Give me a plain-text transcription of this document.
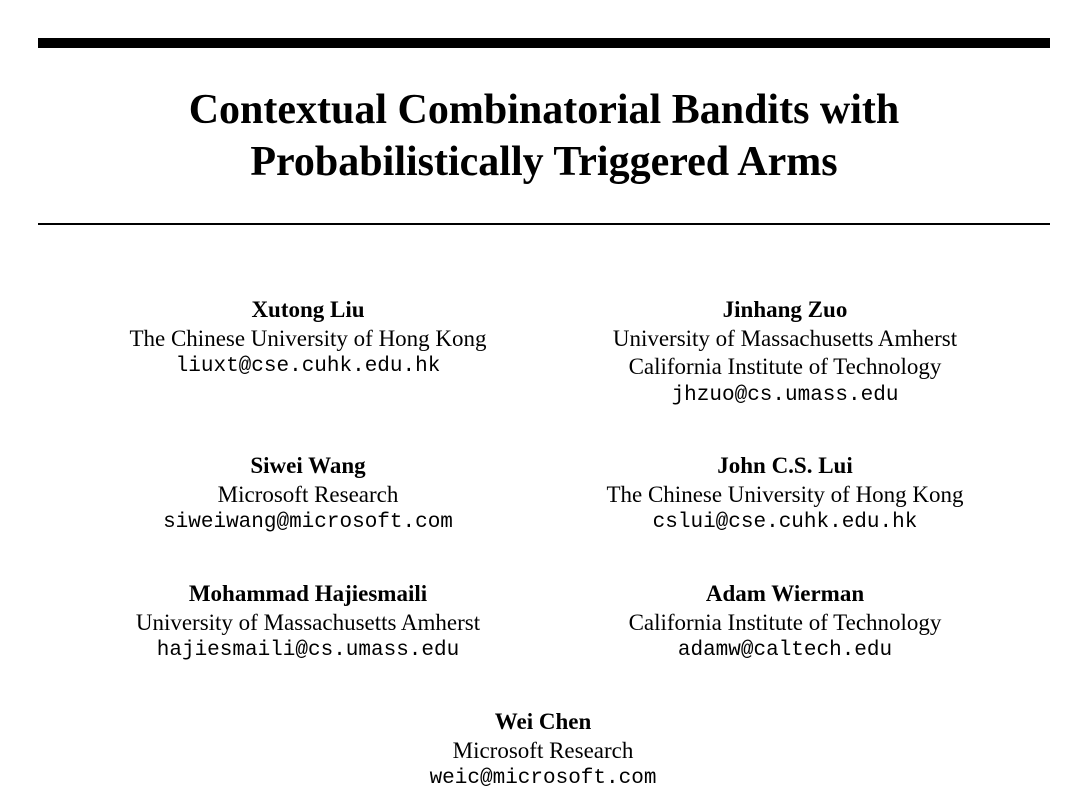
Contextual Combinatorial Bandits with
Probabilistically Triggered Arms
Xutong Liu
The Chinese University of Hong Kong
liuxt@cse.cuhk.edu.hk
Jinhang Zuo
University of Massachusetts Amherst
California Institute of Technology
jhzuo@cs.umass.edu
Siwei Wang
Microsoft Research
siweiwang@microsoft.com
John C.S. Lui
The Chinese University of Hong Kong
cslui@cse.cuhk.edu.hk
Mohammad Hajiesmaili
University of Massachusetts Amherst
hajiesmaili@cs.umass.edu
Adam Wierman
California Institute of Technology
adamw@caltech.edu
Wei Chen
Microsoft Research
weic@microsoft.com
